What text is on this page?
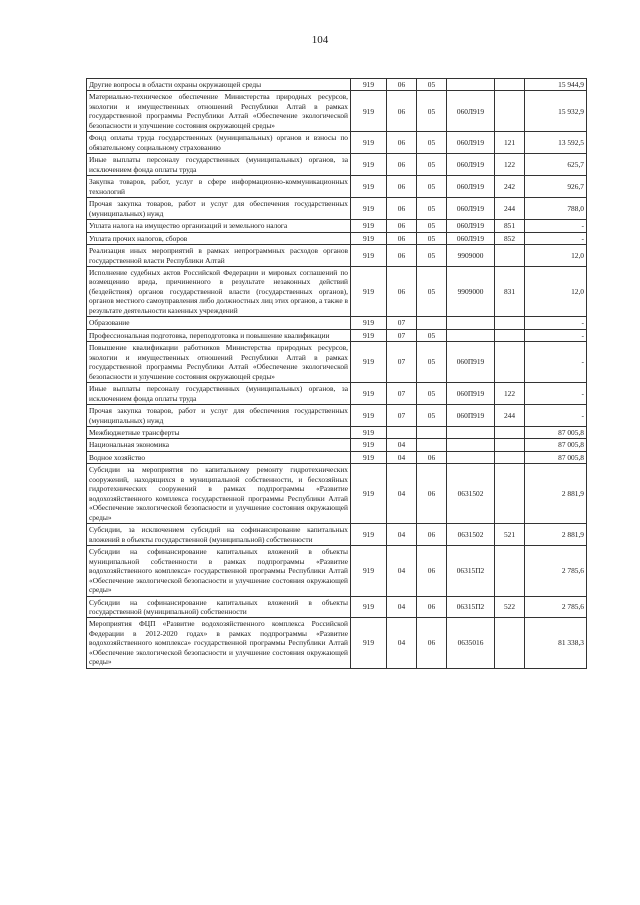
104
Другие вопросы в области охраны окружающей среды	919	06	05			15 944,9
Материально-техническое обеспечение Министерства природных ресурсов, экологии и имущественных отношений Республики Алтай в рамках государственной программы Республики Алтай «Обеспечение экологической безопасности и улучшение состояния окружающей среды»	919	06	05	060Л919		15 932,9
Фонд оплаты труда государственных (муниципальных) органов и взносы по обязательному социальному страхованию	919	06	05	060Л919	121	13 592,5
Иные выплаты персоналу государственных (муниципальных) органов, за исключением фонда оплаты труда	919	06	05	060Л919	122	625,7
Закупка товаров, работ, услуг в сфере информационно-коммуникационных технологий	919	06	05	060Л919	242	926,7
Прочая закупка товаров, работ и услуг для обеспечения государственных (муниципальных) нужд	919	06	05	060Л919	244	788,0
Уплата налога на имущество организаций и земельного налога	919	06	05	060Л919	851	-
Уплата прочих налогов, сборов	919	06	05	060Л919	852	-
Реализация иных мероприятий в рамках непрограммных расходов органов государственной власти Республики Алтай	919	06	05	9909000		12,0
Исполнение судебных актов Российской Федерации и мировых соглашений по возмещению вреда, причиненного в результате незаконных действий (бездействия) органов государственной власти (государственных органов), органов местного самоуправления либо должностных лиц этих органов, а также в результате деятельности казенных учреждений	919	06	05	9909000	831	12,0
Образование	919	07				-
Профессиональная подготовка, переподготовка и повышение квалификации	919	07	05			-
Повышение квалификации работников Министерства природных ресурсов, экологии и имущественных отношений Республики Алтай в рамках государственной программы Республики Алтай «Обеспечение экологической безопасности и улучшение состояния окружающей среды»	919	07	05	060П919		-
Иные выплаты персоналу государственных (муниципальных) органов, за исключением фонда оплаты труда	919	07	05	060П919	122	-
Прочая закупка товаров, работ и услуг для обеспечения государственных (муниципальных) нужд	919	07	05	060П919	244	-
Межбюджетные трансферты	919					87 005,8
Национальная экономика	919	04				87 005,8
Водное хозяйство	919	04	06			87 005,8
Субсидии на мероприятия по капитальному ремонту гидротехнических сооружений, находящихся в муниципальной собственности, и бесхозяйных гидротехнических сооружений в рамках подпрограммы «Развитие водохозяйственного комплекса государственной программы Республики Алтай «Обеспечение экологической безопасности и улучшение состояния окружающей среды»	919	04	06	0631502		2 881,9
Субсидии, за исключением субсидий на софинансирование капитальных вложений в объекты государственной (муниципальной) собственности	919	04	06	0631502	521	2 881,9
Субсидии на софинансирование капитальных вложений в объекты муниципальной собственности в рамках подпрограммы «Развитие водохозяйственного комплекса» государственной программы Республики Алтай «Обеспечение экологической безопасности и улучшение состояния окружающей среды»	919	04	06	06315П2		2 785,6
Субсидии на софинансирование капитальных вложений в объекты государственной (муниципальной) собственности	919	04	06	06315П2	522	2 785,6
Мероприятия ФЦП «Развитие водохозяйственного комплекса Российской Федерации в 2012-2020 годах» в рамках подпрограммы «Развитие водохозяйственного комплекса» государственной программы Республики Алтай «Обеспечение экологической безопасности и улучшение состояния окружающей среды»	919	04	06	0635016		81 338,3
